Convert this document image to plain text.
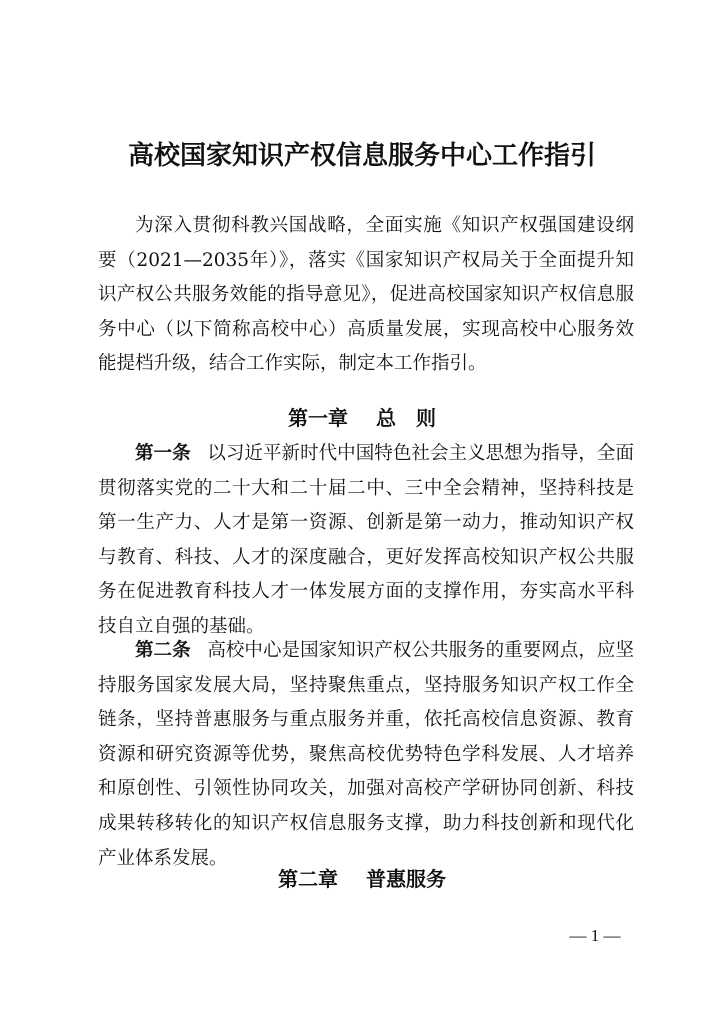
高校国家知识产权信息服务中心工作指引

为深入贯彻科教兴国战略，全面实施《知识产权强国建设纲要（2021—2035年）》，落实《国家知识产权局关于全面提升知识产权公共服务效能的指导意见》，促进高校国家知识产权信息服务中心（以下简称高校中心）高质量发展，实现高校中心服务效能提档升级，结合工作实际，制定本工作指引。

第一章 总　则

第一条 以习近平新时代中国特色社会主义思想为指导，全面贯彻落实党的二十大和二十届二中、三中全会精神，坚持科技是第一生产力、人才是第一资源、创新是第一动力，推动知识产权与教育、科技、人才的深度融合，更好发挥高校知识产权公共服务在促进教育科技人才一体发展方面的支撑作用，夯实高水平科技自立自强的基础。

第二条 高校中心是国家知识产权公共服务的重要网点，应坚持服务国家发展大局，坚持聚焦重点，坚持服务知识产权工作全链条，坚持普惠服务与重点服务并重，依托高校信息资源、教育资源和研究资源等优势，聚焦高校优势特色学科发展、人才培养和原创性、引领性协同攻关，加强对高校产学研协同创新、科技成果转移转化的知识产权信息服务支撑，助力科技创新和现代化产业体系发展。

第二章 普惠服务
— 1 —
